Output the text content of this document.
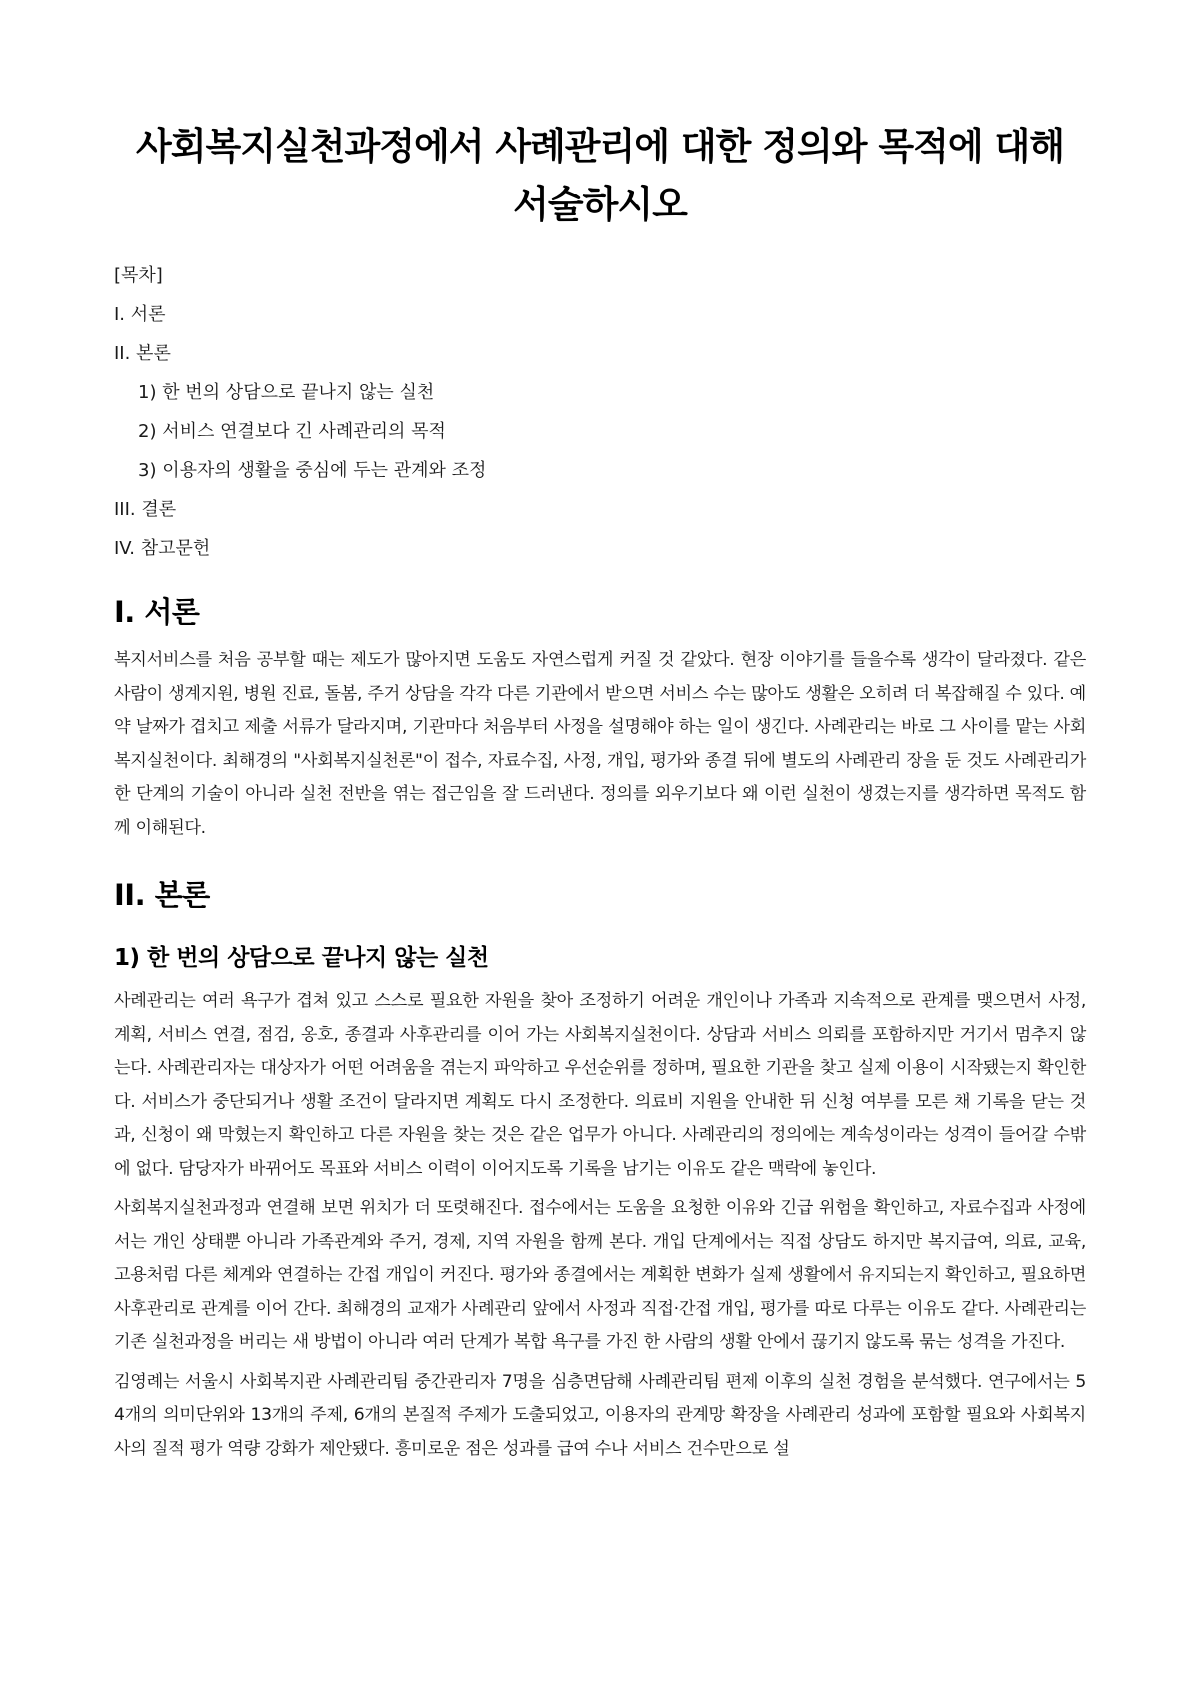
사회복지실천과정에서 사례관리에 대한 정의와 목적에 대해 서술하시오
[목차]
I. 서론
II. 본론
1) 한 번의 상담으로 끝나지 않는 실천
2) 서비스 연결보다 긴 사례관리의 목적
3) 이용자의 생활을 중심에 두는 관계와 조정
III. 결론
IV. 참고문헌
I. 서론

복지서비스를 처음 공부할 때는 제도가 많아지면 도움도 자연스럽게 커질 것 같았다. 현장 이야기를 들을수록 생각이 달라졌다. 같은 사람이 생계지원, 병원 진료, 돌봄, 주거 상담을 각각 다른 기관에서 받으면 서비스 수는 많아도 생활은 오히려 더 복잡해질 수 있다. 예약 날짜가 겹치고 제출 서류가 달라지며, 기관마다 처음부터 사정을 설명해야 하는 일이 생긴다. 사례관리는 바로 그 사이를 맡는 사회복지실천이다. 최해경의 "사회복지실천론"이 접수, 자료수집, 사정, 개입, 평가와 종결 뒤에 별도의 사례관리 장을 둔 것도 사례관리가 한 단계의 기술이 아니라 실천 전반을 엮는 접근임을 잘 드러낸다. 정의를 외우기보다 왜 이런 실천이 생겼는지를 생각하면 목적도 함께 이해된다.

II. 본론
1) 한 번의 상담으로 끝나지 않는 실천

사례관리는 여러 욕구가 겹쳐 있고 스스로 필요한 자원을 찾아 조정하기 어려운 개인이나 가족과 지속적으로 관계를 맺으면서 사정, 계획, 서비스 연결, 점검, 옹호, 종결과 사후관리를 이어 가는 사회복지실천이다. 상담과 서비스 의뢰를 포함하지만 거기서 멈추지 않는다. 사례관리자는 대상자가 어떤 어려움을 겪는지 파악하고 우선순위를 정하며, 필요한 기관을 찾고 실제 이용이 시작됐는지 확인한다. 서비스가 중단되거나 생활 조건이 달라지면 계획도 다시 조정한다. 의료비 지원을 안내한 뒤 신청 여부를 모른 채 기록을 닫는 것과, 신청이 왜 막혔는지 확인하고 다른 자원을 찾는 것은 같은 업무가 아니다. 사례관리의 정의에는 계속성이라는 성격이 들어갈 수밖에 없다. 담당자가 바뀌어도 목표와 서비스 이력이 이어지도록 기록을 남기는 이유도 같은 맥락에 놓인다.

사회복지실천과정과 연결해 보면 위치가 더 또렷해진다. 접수에서는 도움을 요청한 이유와 긴급 위험을 확인하고, 자료수집과 사정에서는 개인 상태뿐 아니라 가족관계와 주거, 경제, 지역 자원을 함께 본다. 개입 단계에서는 직접 상담도 하지만 복지급여, 의료, 교육, 고용처럼 다른 체계와 연결하는 간접 개입이 커진다. 평가와 종결에서는 계획한 변화가 실제 생활에서 유지되는지 확인하고, 필요하면 사후관리로 관계를 이어 간다. 최해경의 교재가 사례관리 앞에서 사정과 직접·간접 개입, 평가를 따로 다루는 이유도 같다. 사례관리는 기존 실천과정을 버리는 새 방법이 아니라 여러 단계가 복합 욕구를 가진 한 사람의 생활 안에서 끊기지 않도록 묶는 성격을 가진다.

김영례는 서울시 사회복지관 사례관리팀 중간관리자 7명을 심층면담해 사례관리팀 편제 이후의 실천 경험을 분석했다. 연구에서는 54개의 의미단위와 13개의 주제, 6개의 본질적 주제가 도출되었고, 이용자의 관계망 확장을 사례관리 성과에 포함할 필요와 사회복지사의 질적 평가 역량 강화가 제안됐다. 흥미로운 점은 성과를 급여 수나 서비스 건수만으로 설
